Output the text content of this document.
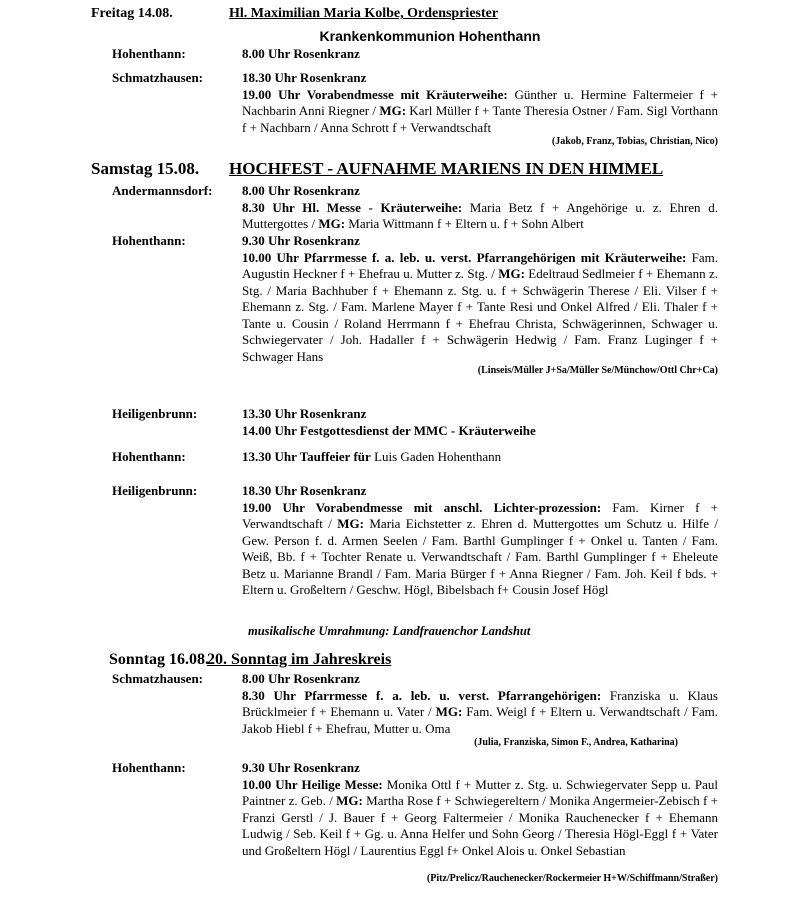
Freitag 14.08.	Hl. Maximilian Maria Kolbe, Ordenspriester
Krankenkommunion Hohenthann
Hohenthann:	8.00 Uhr Rosenkranz

Schmatzhausen:	18.30 Uhr Rosenkranz

19.00 Uhr Vorabendmesse mit Kräuterweihe: Günther u. Hermine Faltermeier f + Nachbarin Anni Riegner / MG: Karl Müller f + Tante Theresia Ostner / Fam. Sigl Vorthann f + Nachbarn / Anna Schrott f + Verwandtschaft

(Jakob, Franz, Tobias, Christian, Nico)
Samstag 15.08. HOCHFEST - AUFNAHME MARIENS IN DEN HIMMEL
Andermannsdorf: 8.00 Uhr Rosenkranz

8.30 Uhr Hl. Messe - Kräuterweihe: Maria Betz f + Angehörige u. z. Ehren d. Muttergottes / MG: Maria Wittmann f + Eltern u. f + Sohn Albert

Hohenthann:	9.30 Uhr Rosenkranz

10.00 Uhr Pfarrmesse f. a. leb. u. verst. Pfarrangehörigen mit Kräuterweihe: Fam. Augustin Heckner f + Ehefrau u. Mutter z. Stg. / MG: Edeltraud Sedlmeier f + Ehemann z. Stg. / Maria Bachhuber f + Ehemann z. Stg. u. f + Schwägerin Therese / Eli. Vilser f + Ehemann z. Stg. / Fam. Marlene Mayer f + Tante Resi und Onkel Alfred / Eli. Thaler f + Tante u. Cousin / Roland Herrmann f + Ehefrau Christa, Schwägerinnen, Schwager u. Schwiegervater / Joh. Hadaller f + Schwägerin Hedwig / Fam. Franz Luginger f + Schwager Hans

(Linseis/Müller J+Sa/Müller Se/Münchow/Ottl Chr+Ca)
Heiligenbrunn:	13.30 Uhr Rosenkranz

14.00 Uhr Festgottesdienst der MMC - Kräuterweihe

Hohenthann:	13.30 Uhr Tauffeier für Luis Gaden Hohenthann

Heiligenbrunn:	18.30 Uhr Rosenkranz

19.00 Uhr Vorabendmesse mit anschl. Lichter-prozession: Fam. Kirner f + Verwandtschaft / MG: Maria Eichstetter z. Ehren d. Muttergottes um Schutz u. Hilfe / Gew. Person f. d. Armen Seelen / Fam. Barthl Gumplinger f + Onkel u. Tanten / Fam. Weiß, Bb. f + Tochter Renate u. Verwandtschaft / Fam. Barthl Gumplinger f + Eheleute Betz u. Marianne Brandl / Fam. Maria Bürger f + Anna Riegner / Fam. Joh. Keil f bds. + Eltern u. Großeltern / Geschw. Högl, Bibelsbach f+ Cousin Josef Högl

musikalische Umrahmung: Landfrauenchor Landshut
Sonntag 16.08.20. Sonntag im Jahreskreis
Schmatzhausen:	8.00 Uhr Rosenkranz

8.30 Uhr Pfarrmesse f. a. leb. u. verst. Pfarrangehörigen: Franziska u. Klaus Brücklmeier f + Ehemann u. Vater / MG: Fam. Weigl f + Eltern u. Verwandtschaft / Fam. Jakob Hiebl f + Ehefrau, Mutter u. Oma

(Julia, Franziska, Simon F., Andrea, Katharina)
Hohenthann:	9.30 Uhr Rosenkranz

10.00 Uhr Heilige Messe: Monika Ottl f + Mutter z. Stg. u. Schwiegervater Sepp u. Paul Paintner z. Geb. / MG: Martha Rose f + Schwiegereltern / Monika Angermeier-Zebisch f + Franzi Gerstl / J. Bauer f + Georg Faltermeier / Monika Rauchenecker f + Ehemann Ludwig / Seb. Keil f + Gg. u. Anna Helfer und Sohn Georg / Theresia Högl-Eggl f + Vater und Großeltern Högl / Laurentius Eggl f+ Onkel Alois u. Onkel Sebastian

(Pitz/Prelicz/Rauchenecker/Rockermeier H+W/Schiffmann/Straßer)
